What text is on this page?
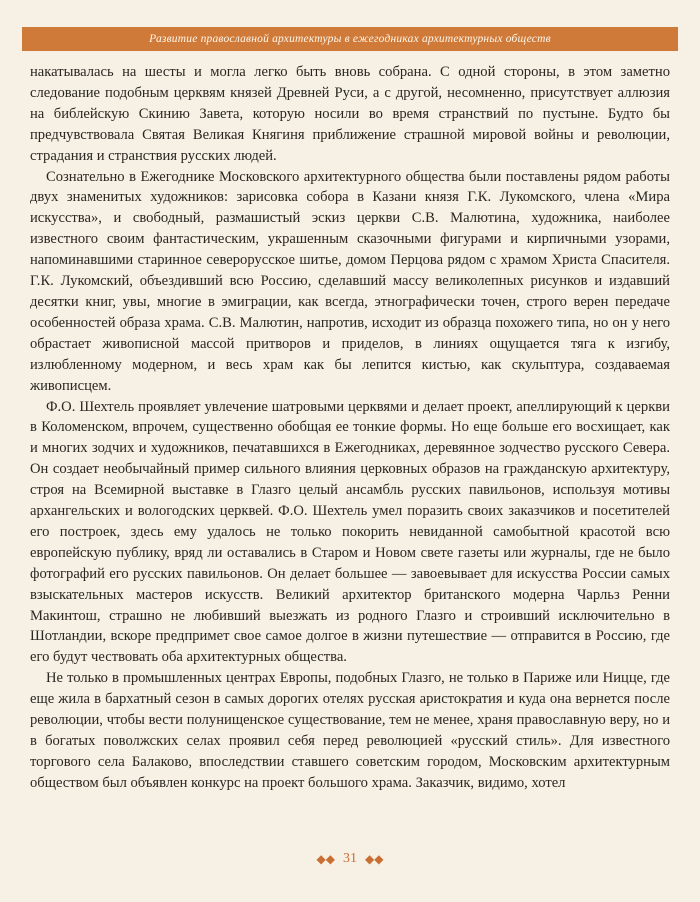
Развитие православной архитектуры в ежегодниках архитектурных обществ

накатывалась на шесты и могла легко быть вновь собрана. С одной стороны, в этом заметно следование подобным церквям князей Древней Руси, а с другой, несомненно, присутствует аллюзия на библейскую Скинию Завета, которую носили во время странствий по пустыне. Будто бы предчувствовала Святая Великая Княгиня приближение страшной мировой войны и революции, страдания и странствия русских людей.

Сознательно в Ежегоднике Московского архитектурного общества были поставлены рядом работы двух знаменитых художников: зарисовка собора в Казани князя Г.К. Лукомского, члена «Мира искусства», и свободный, размашистый эскиз церкви С.В. Малютина, художника, наиболее известного своим фантастическим, украшенным сказочными фигурами и кирпичными узорами, напоминавшими старинное северорусское шитье, домом Перцова рядом с храмом Христа Спасителя. Г.К. Лукомский, объездивший всю Россию, сделавший массу великолепных рисунков и издавший десятки книг, увы, многие в эмиграции, как всегда, этнографически точен, строго верен передаче особенностей образа храма. С.В. Малютин, напротив, исходит из образца похожего типа, но он у него обрастает живописной массой притворов и приделов, в линиях ощущается тяга к изгибу, излюбленному модерном, и весь храм как бы лепится кистью, как скульптура, создаваемая живописцем.

Ф.О. Шехтель проявляет увлечение шатровыми церквями и делает проект, апеллирующий к церкви в Коломенском, впрочем, существенно обобщая ее тонкие формы. Но еще больше его восхищает, как и многих зодчих и художников, печатавшихся в Ежегодниках, деревянное зодчество русского Севера. Он создает необычайный пример сильного влияния церковных образов на гражданскую архитектуру, строя на Всемирной выставке в Глазго целый ансамбль русских павильонов, используя мотивы архангельских и вологодских церквей. Ф.О. Шехтель умел поразить своих заказчиков и посетителей его построек, здесь ему удалось не только покорить невиданной самобытной красотой всю европейскую публику, вряд ли оставались в Старом и Новом свете газеты или журналы, где не было фотографий его русских павильонов. Он делает большее — завоевывает для искусства России самых взыскательных мастеров искусств. Великий архитектор британского модерна Чарльз Ренни Макинтош, страшно не любивший выезжать из родного Глазго и строивший исключительно в Шотландии, вскоре предпримет свое самое долгое в жизни путешествие — отправится в Россию, где его будут чествовать оба архитектурных общества.

Не только в промышленных центрах Европы, подобных Глазго, не только в Париже или Ницце, где еще жила в бархатный сезон в самых дорогих отелях русская аристократия и куда она вернется после революции, чтобы вести полунищенское существование, тем не менее, храня православную веру, но и в богатых поволжских селах проявил себя перед революцией «русский стиль». Для известного торгового села Балаково, впоследствии ставшего советским городом, Московским архитектурным обществом был объявлен конкурс на проект большого храма. Заказчик, видимо, хотел

◆◆ 31 ◆◆
